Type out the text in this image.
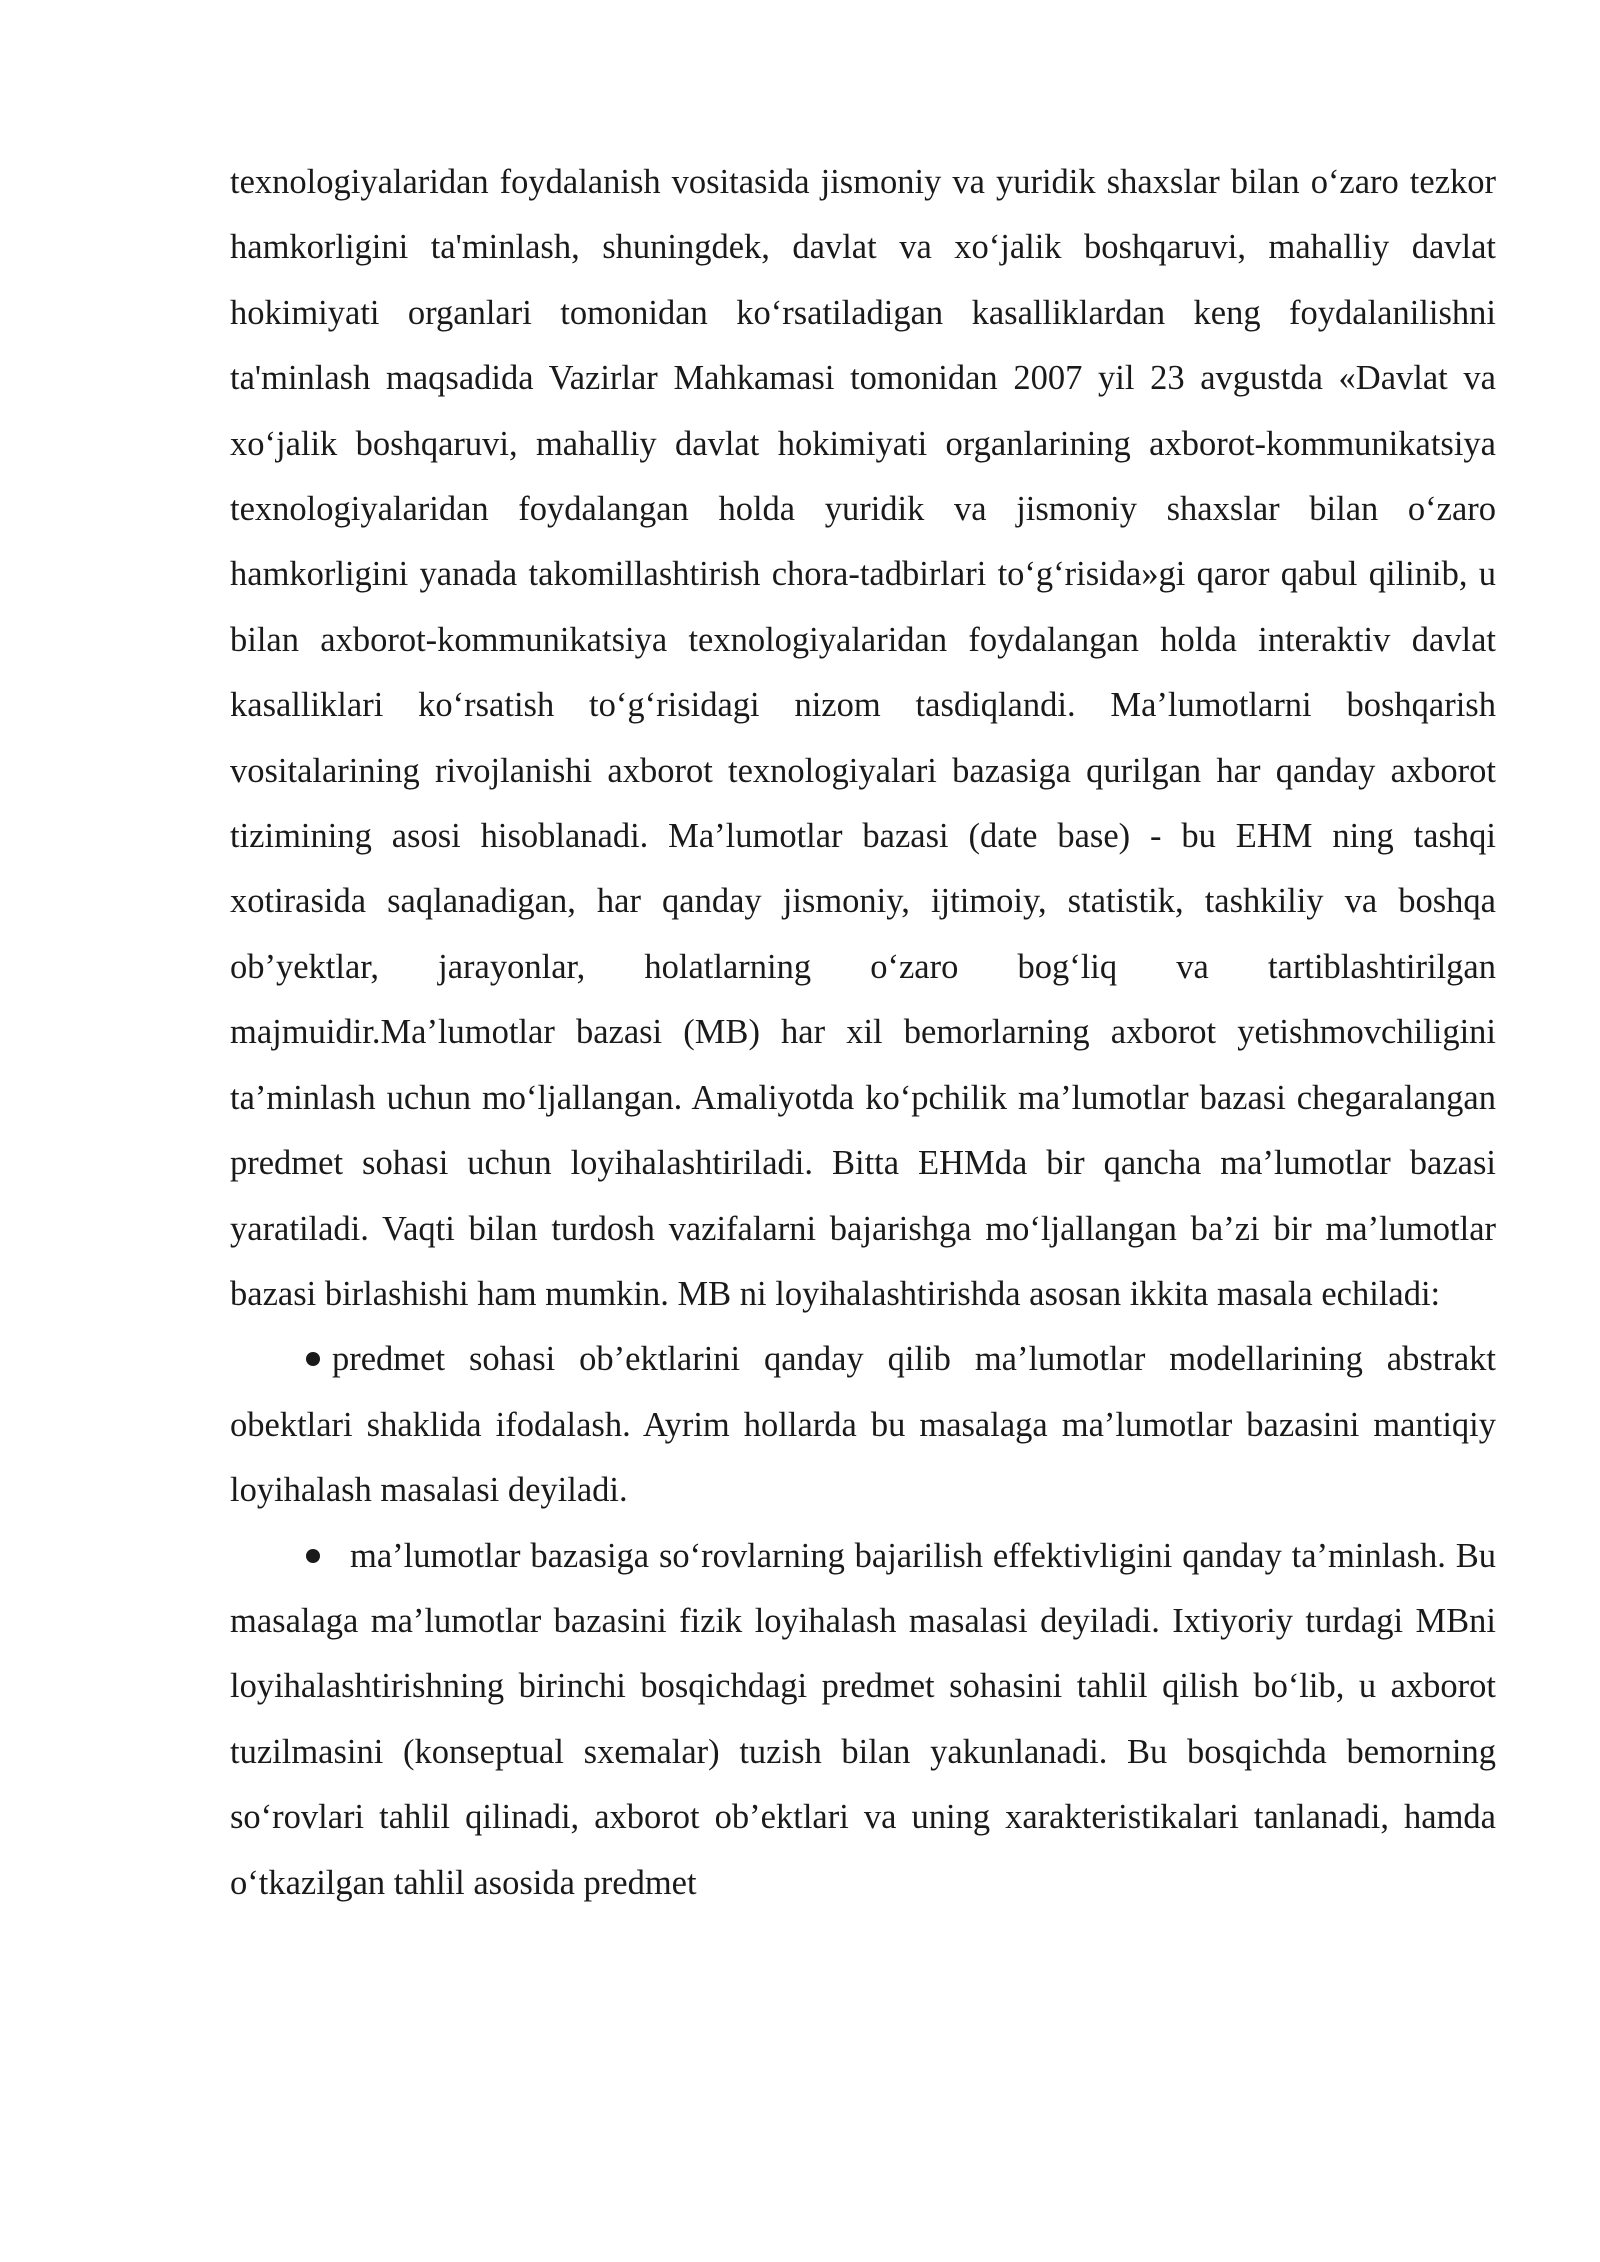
texnologiyalaridan foydalanish vositasida jismoniy va yuridik shaxslar bilan o‘zaro tezkor hamkorligini ta'minlash, shuningdek, davlat va xo‘jalik boshqaruvi, mahalliy davlat hokimiyati organlari tomonidan ko‘rsatiladigan kasalliklardan keng foydalanilishni ta'minlash maqsadida Vazirlar Mahkamasi tomonidan 2007 yil 23 avgustda «Davlat va xo‘jalik boshqaruvi, mahalliy davlat hokimiyati organlarining axborot-kommunikatsiya texnologiyalaridan foydalangan holda yuridik va jismoniy shaxslar bilan o‘zaro hamkorligini yanada takomillashtirish chora-tadbirlari to‘g‘risida»gi qaror qabul qilinib, u bilan axborot-kommunikatsiya texnologiyalaridan foydalangan holda interaktiv davlat kasalliklari ko‘rsatish to‘g‘risidagi nizom tasdiqlandi. Ma’lumotlarni boshqarish vositalarining rivojlanishi axborot texnologiyalari bazasiga qurilgan har qanday axborot tizimining asosi hisoblanadi. Ma’lumotlar bazasi (date base) - bu EHM ning tashqi xotirasida saqlanadigan, har qanday jismoniy, ijtimoiy, statistik, tashkiliy va boshqa ob’yektlar, jarayonlar, holatlarning o‘zaro bog‘liq va tartiblashtirilgan majmuidir.Ma’lumotlar bazasi (MB) har xil bemorlarning axborot yetishmovchiligini ta’minlash uchun mo‘ljallangan. Amaliyotda ko‘pchilik ma’lumotlar bazasi chegaralangan predmet sohasi uchun loyihalashtiriladi. Bitta EHMda bir qancha ma’lumotlar bazasi yaratiladi. Vaqti bilan turdosh vazifalarni bajarishga mo‘ljallangan ba’zi bir ma’lumotlar bazasi birlashishi ham mumkin. MB ni loyihalashtirishda asosan ikkita masala echiladi:

predmet sohasi ob’ektlarini qanday qilib ma’lumotlar modellarining abstrakt obektlari shaklida ifodalash. Ayrim hollarda bu masalaga ma’lumotlar bazasini mantiqiy loyihalash masalasi deyiladi.

ma’lumotlar bazasiga so‘rovlarning bajarilish effektivligini qanday ta’minlash. Bu masalaga ma’lumotlar bazasini fizik loyihalash masalasi deyiladi. Ixtiyoriy turdagi MBni loyihalashtirishning birinchi bosqichdagi predmet sohasini tahlil qilish bo‘lib, u axborot tuzilmasini (konseptual sxemalar) tuzish bilan yakunlanadi. Bu bosqichda bemorning so‘rovlari tahlil qilinadi, axborot ob’ektlari va uning xarakteristikalari tanlanadi, hamda o‘tkazilgan tahlil asosida predmet
